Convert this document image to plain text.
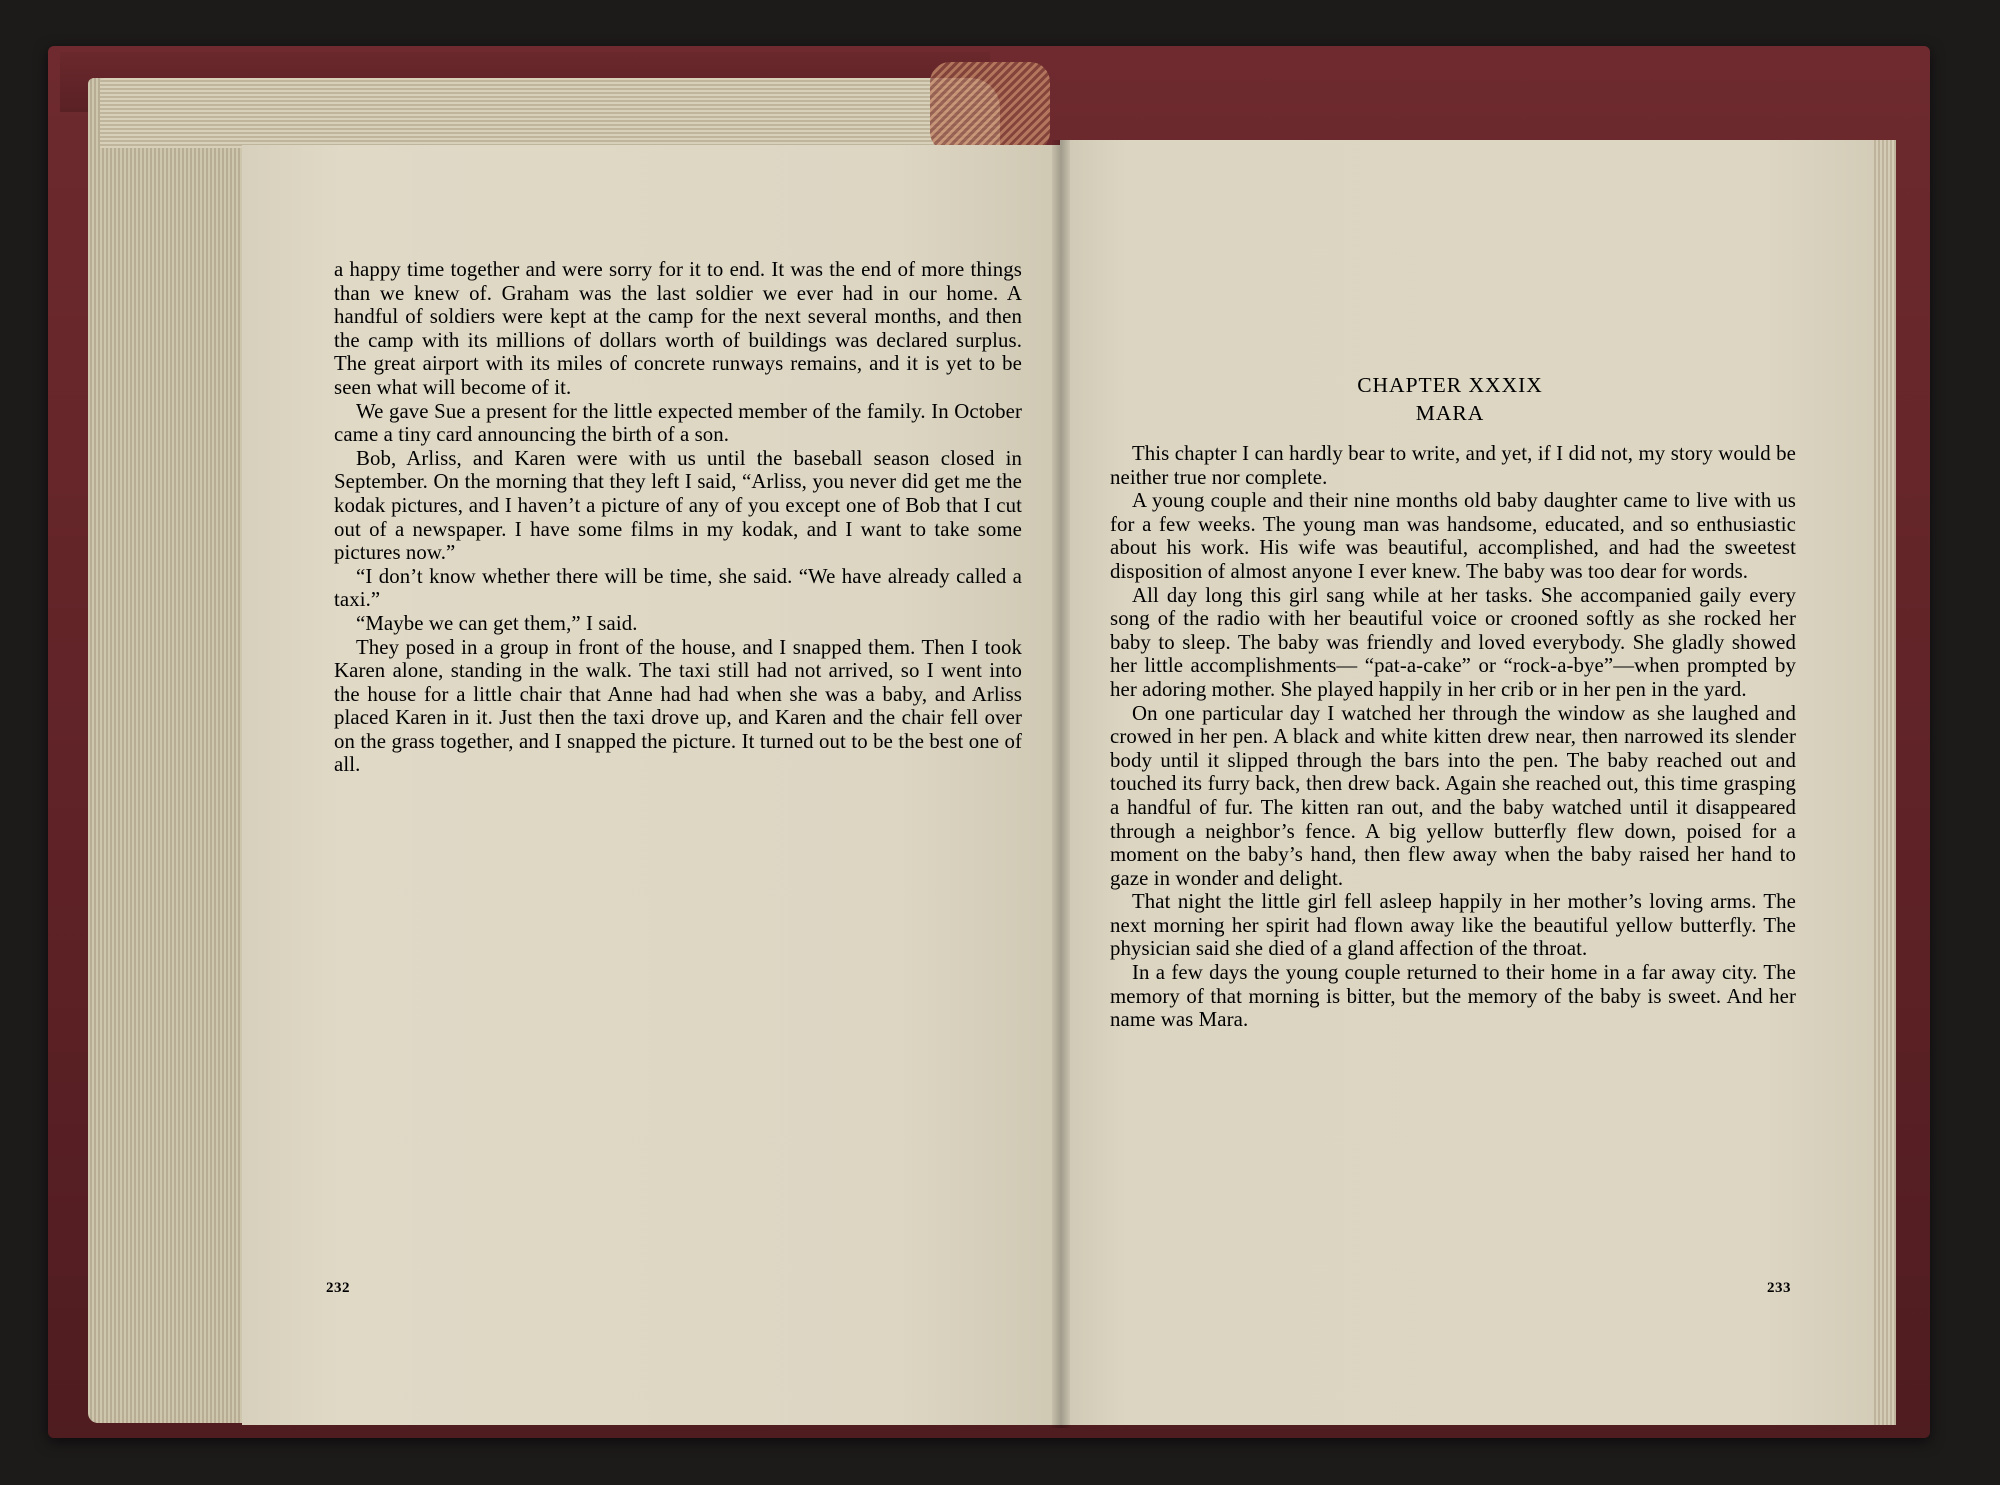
a happy time together and were sorry for it to end. It was the end of more things than we knew of. Graham was the last soldier we ever had in our home. A handful of soldiers were kept at the camp for the next several months, and then the camp with its millions of dollars worth of buildings was declared surplus. The great airport with its miles of concrete runways remains, and it is yet to be seen what will become of it.

We gave Sue a present for the little expected member of the family. In October came a tiny card announcing the birth of a son.

Bob, Arliss, and Karen were with us until the baseball season closed in September. On the morning that they left I said, “Arliss, you never did get me the kodak pictures, and I haven’t a picture of any of you except one of Bob that I cut out of a newspaper. I have some films in my kodak, and I want to take some pictures now.”

“I don’t know whether there will be time, she said. “We have already called a taxi.”

“Maybe we can get them,” I said.

They posed in a group in front of the house, and I snapped them. Then I took Karen alone, standing in the walk. The taxi still had not arrived, so I went into the house for a little chair that Anne had had when she was a baby, and Arliss placed Karen in it. Just then the taxi drove up, and Karen and the chair fell over on the grass together, and I snapped the picture. It turned out to be the best one of all.

232
CHAPTER XXXIX
MARA

This chapter I can hardly bear to write, and yet, if I did not, my story would be neither true nor complete.

A young couple and their nine months old baby daughter came to live with us for a few weeks. The young man was handsome, educated, and so enthusiastic about his work. His wife was beautiful, accomplished, and had the sweetest disposition of almost anyone I ever knew. The baby was too dear for words.

All day long this girl sang while at her tasks. She accompanied gaily every song of the radio with her beautiful voice or crooned softly as she rocked her baby to sleep. The baby was friendly and loved everybody. She gladly showed her little accomplishments— “pat-a-cake” or “rock-a-bye”—when prompted by her adoring mother. She played happily in her crib or in her pen in the yard.

On one particular day I watched her through the window as she laughed and crowed in her pen. A black and white kitten drew near, then narrowed its slender body until it slipped through the bars into the pen. The baby reached out and touched its furry back, then drew back. Again she reached out, this time grasping a handful of fur. The kitten ran out, and the baby watched until it disappeared through a neighbor’s fence. A big yellow butterfly flew down, poised for a moment on the baby’s hand, then flew away when the baby raised her hand to gaze in wonder and delight.

That night the little girl fell asleep happily in her mother’s loving arms. The next morning her spirit had flown away like the beautiful yellow butterfly. The physician said she died of a gland affection of the throat.

In a few days the young couple returned to their home in a far away city. The memory of that morning is bitter, but the memory of the baby is sweet. And her name was Mara.

233
